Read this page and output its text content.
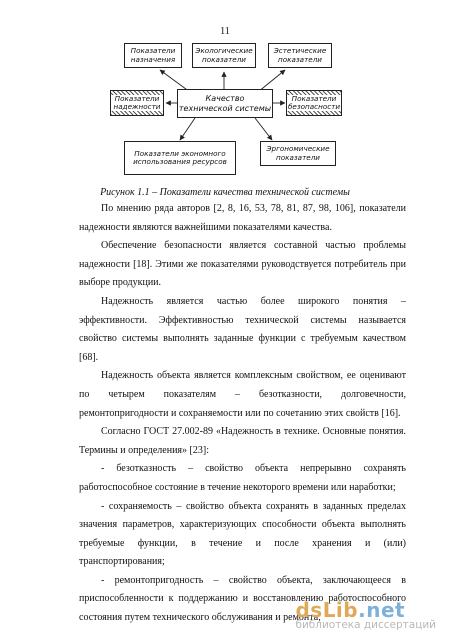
11
Показатели назначения
Экологические показатели
Эстетические показатели
Показатели надежности
Качество технической системы
Показатели безопасности
Показатели экономного использования ресурсов
Эргономические показатели
Рисунок 1.1 – Показатели качества технической системы

По мнению ряда авторов [2, 8, 16, 53, 78, 81, 87, 98, 106], показатели надежности являются важнейшими показателями качества.

Обеспечение безопасности является составной частью проблемы надежности [18]. Этими же показателями руководствуется потребитель при выборе продукции.

Надежность является частью более широкого понятия – эффективности. Эффективностью технической системы называется свойство системы выполнять заданные функции с требуемым качеством [68].

Надежность объекта является комплексным свойством, ее оценивают по четырем показателям – безотказности, долговечности, ремонтопригодности и сохраняемости или по сочетанию этих свойств [16].

Согласно ГОСТ 27.002-89 «Надежность в технике. Основные понятия. Термины и определения» [23]:

- безотказность – свойство объекта непрерывно сохранять работоспособное состояние в течение некоторого времени или наработки;

- сохраняемость – свойство объекта сохранять в заданных пределах значения параметров, характеризующих способности объекта выполнять требуемые функции, в течение и после хранения и (или) транспортирования;

- ремонтопригодность – свойство объекта, заключающееся в приспособленности к поддержанию и восстановлению работоспособного состояния путем технического обслуживания и ремонта;

dsLib.net
библиотека диссертаций
